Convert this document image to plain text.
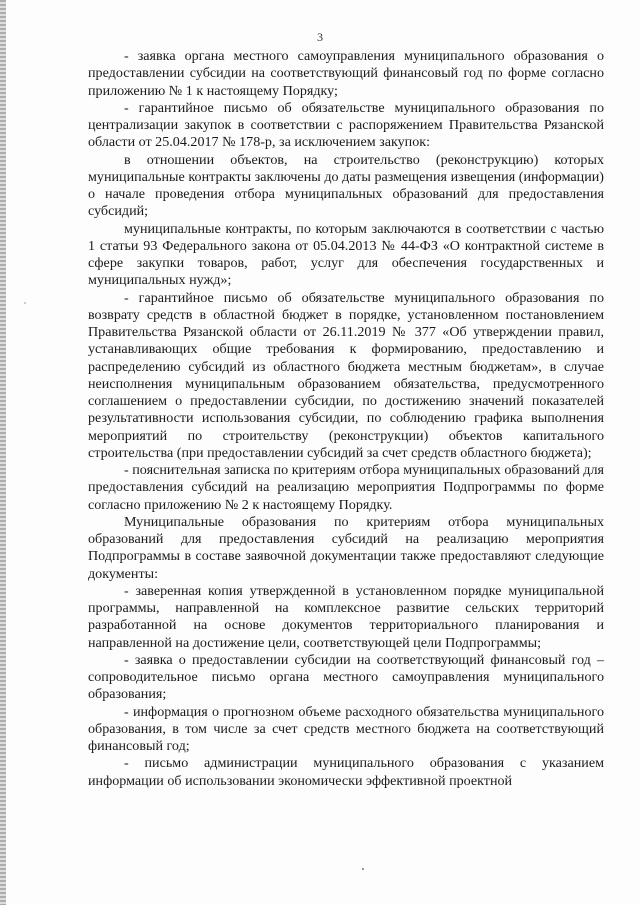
3

- заявка органа местного самоуправления муниципального образования о предоставлении субсидии на соответствующий финансовый год по форме согласно приложению № 1 к настоящему Порядку;

- гарантийное письмо об обязательстве муниципального образования по централизации закупок в соответствии с распоряжением Правительства Рязанской области от 25.04.2017 № 178-р, за исключением закупок:

в отношении объектов, на строительство (реконструкцию) которых муниципальные контракты заключены до даты размещения извещения (информации) о начале проведения отбора муниципальных образований для предоставления субсидий;

муниципальные контракты, по которым заключаются в соответствии с частью 1 статьи 93 Федерального закона от 05.04.2013 № 44-ФЗ «О контрактной системе в сфере закупки товаров, работ, услуг для обеспечения государственных и муниципальных нужд»;

- гарантийное письмо об обязательстве муниципального образования по возврату средств в областной бюджет в порядке, установленном постановлением Правительства Рязанской области от 26.11.2019 № 377 «Об утверждении правил, устанавливающих общие требования к формированию, предоставлению и распределению субсидий из областного бюджета местным бюджетам», в случае неисполнения муниципальным образованием обязательства, предусмотренного соглашением о предоставлении субсидии, по достижению значений показателей результативности использования субсидии, по соблюдению графика выполнения мероприятий по строительству (реконструкции) объектов капитального строительства (при предоставлении субсидий за счет средств областного бюджета);

- пояснительная записка по критериям отбора муниципальных образований для предоставления субсидий на реализацию мероприятия Подпрограммы по форме согласно приложению № 2 к настоящему Порядку.

Муниципальные образования по критериям отбора муниципальных образований для предоставления субсидий на реализацию мероприятия Подпрограммы в составе заявочной документации также предоставляют следующие документы:

- заверенная копия утвержденной в установленном порядке муниципальной программы, направленной на комплексное развитие сельских территорий разработанной на основе документов территориального планирования и направленной на достижение цели, соответствующей цели Подпрограммы;

- заявка о предоставлении субсидии на соответствующий финансовый год – сопроводительное письмо органа местного самоуправления муниципального образования;

- информация о прогнозном объеме расходного обязательства муниципального образования, в том числе за счет средств местного бюджета на соответствующий финансовый год;

- письмо администрации муниципального образования с указанием информации об использовании экономически эффективной проектной
